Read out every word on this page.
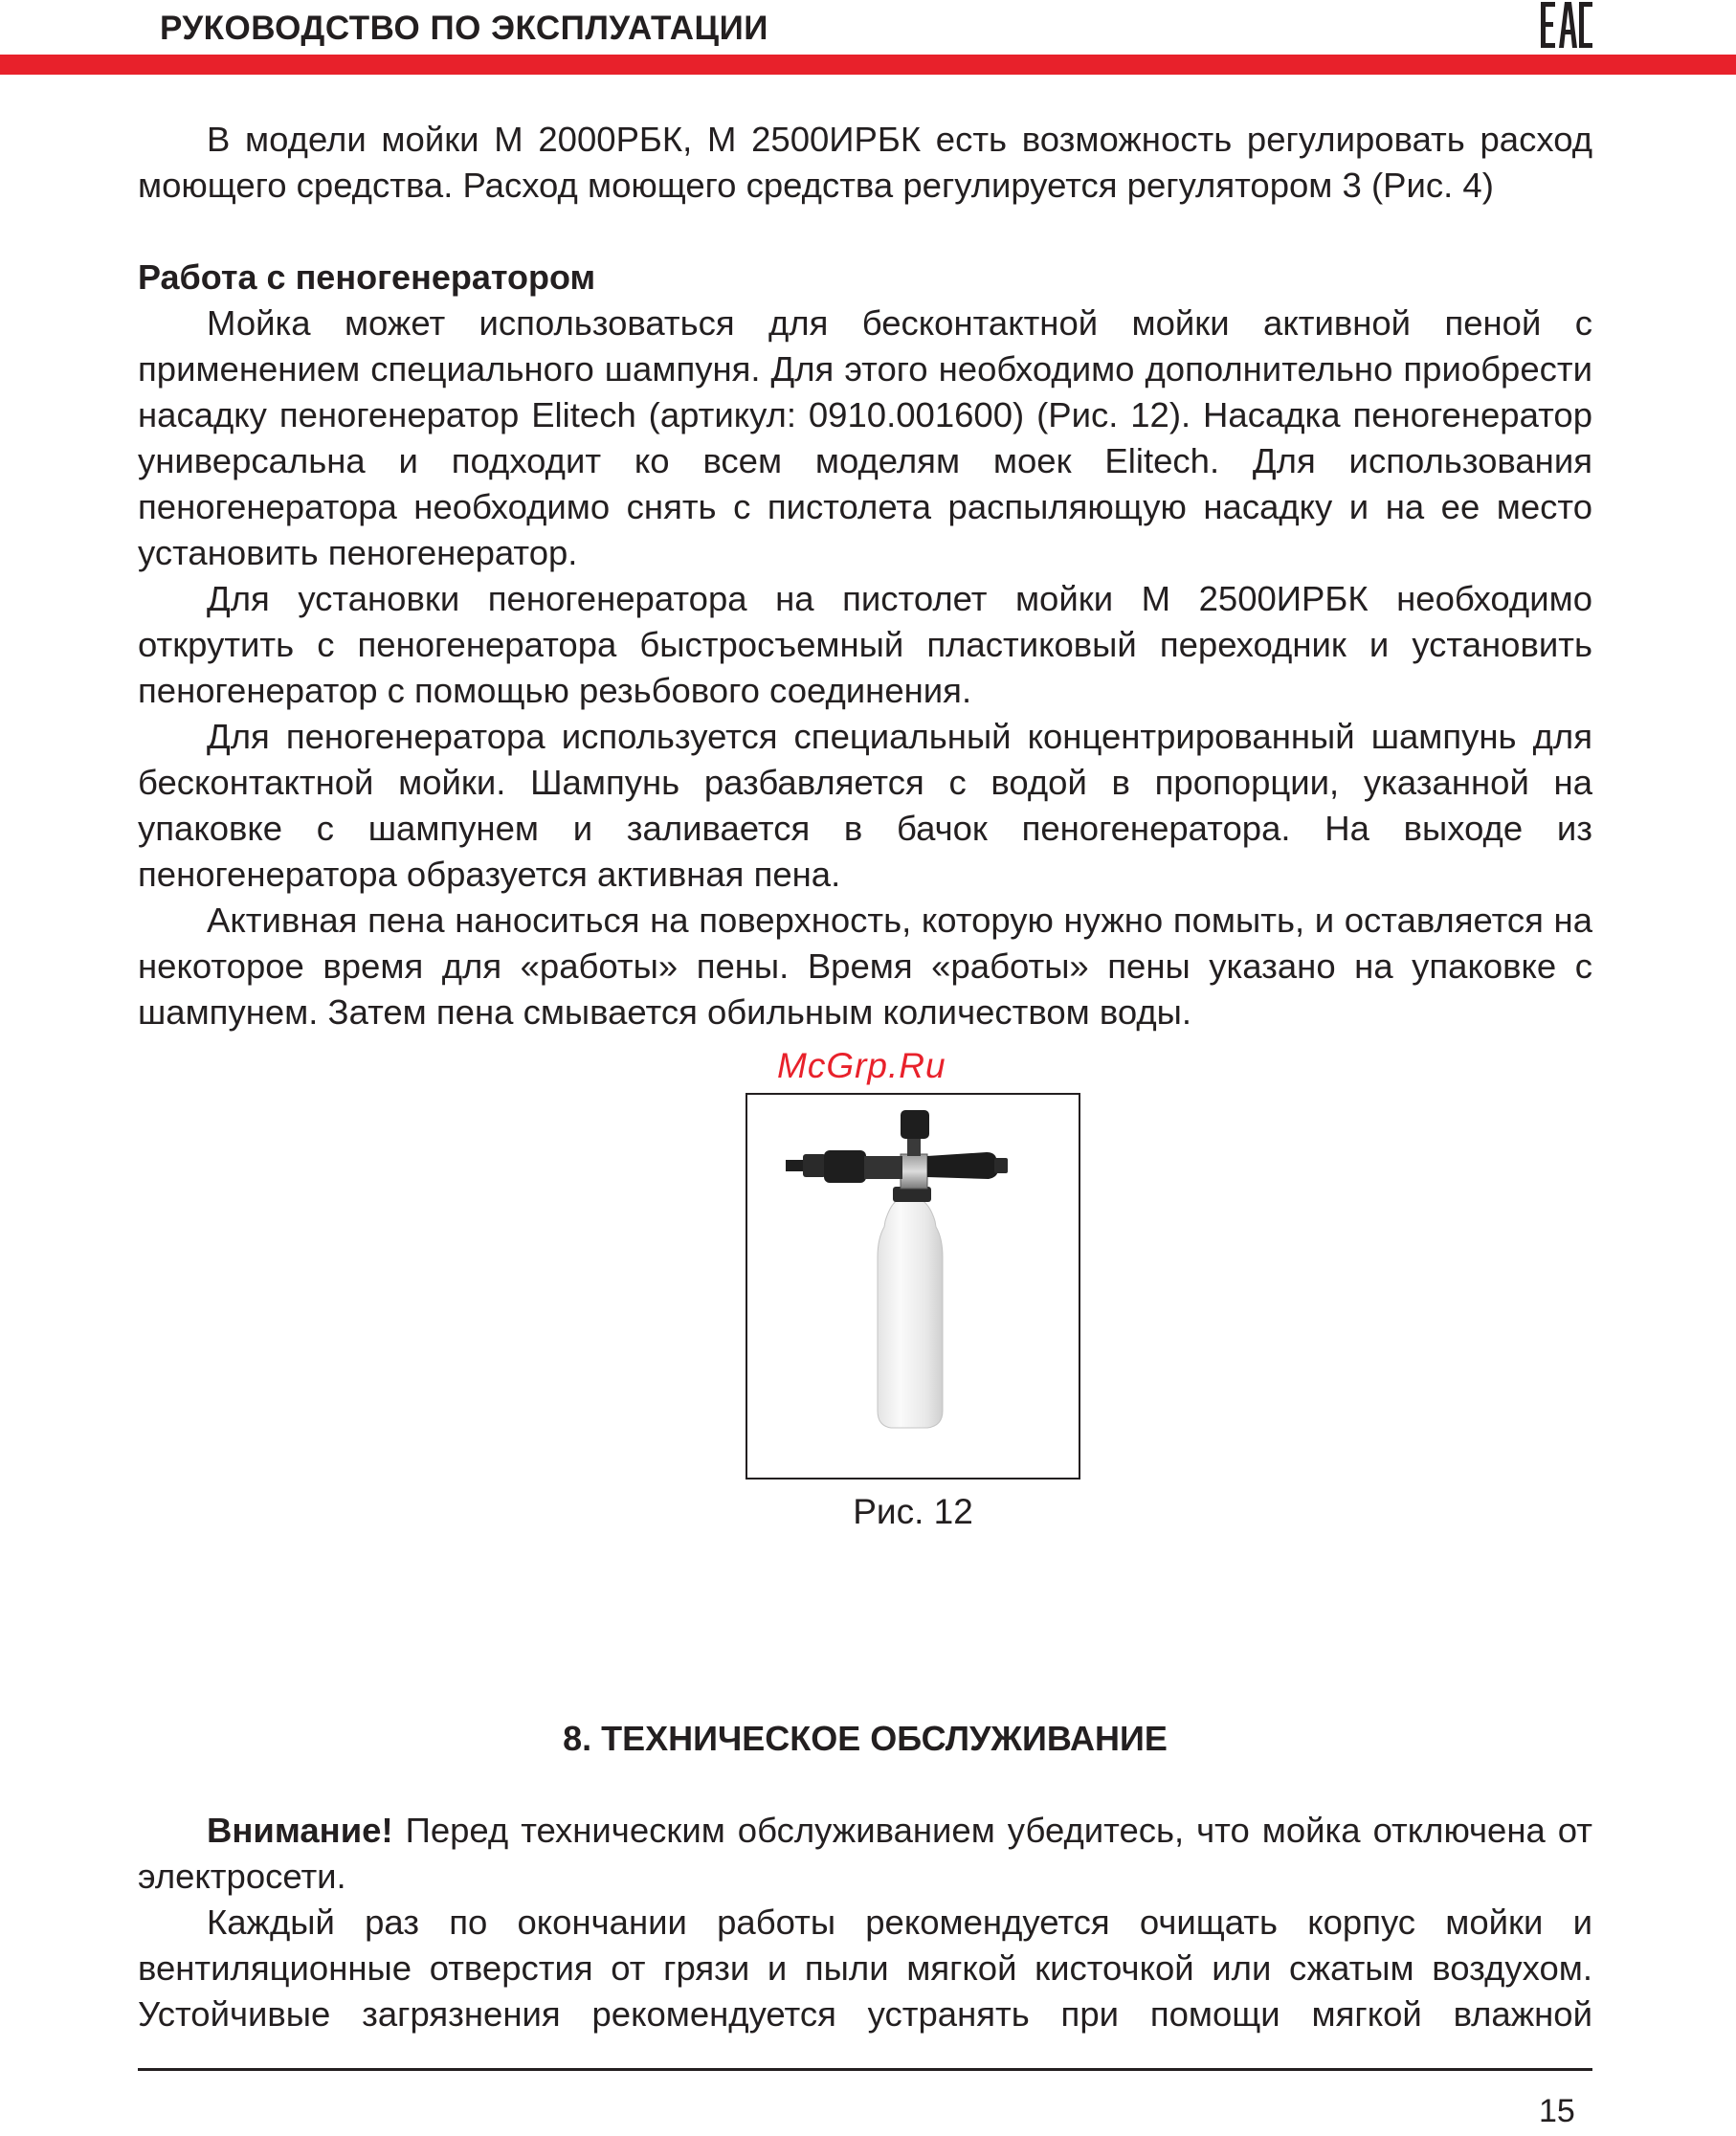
РУКОВОДСТВО ПО ЭКСПЛУАТАЦИИ

В модели мойки М 2000РБК, М 2500ИРБК есть возможность регулировать расход моющего средства. Расход моющего средства регулируется регулятором 3 (Рис. 4)

Работа с пеногенератором

Мойка может использоваться для бесконтактной мойки активной пеной с применением специального шампуня. Для этого необходимо дополнительно приобрести насадку пеногенератор Elitech (артикул: 0910.001600) (Рис. 12). Насадка пеногенератор универсальна и подходит ко всем моделям моек Elitech. Для использования пеногенератора необходимо снять с пистолета распыляющую насадку и на ее место установить пеногенератор.

Для установки пеногенератора на пистолет мойки М 2500ИРБК необходимо открутить с пеногенератора быстросъемный пластиковый переходник и установить пеногенератор с помощью резьбового соединения.

Для пеногенератора используется специальный концентрированный шампунь для бесконтактной мойки. Шампунь разбавляется с водой в пропорции, указанной на упаковке с шампунем и заливается в бачок пеногенератора. На выходе из пеногенератора образуется активная пена.

Активная пена наноситься на поверхность, которую нужно помыть, и оставляется на некоторое время для «работы» пены. Время «работы» пены указано на упаковке с шампунем. Затем пена смывается обильным количеством воды.

McGrp.Ru
Рис. 12
8. ТЕХНИЧЕСКОЕ ОБСЛУЖИВАНИЕ

Внимание! Перед техническим обслуживанием убедитесь, что мойка отключена от электросети.

Каждый раз по окончании работы рекомендуется очищать корпус мойки и вентиляционные отверстия от грязи и пыли мягкой кисточкой или сжатым воздухом. Устойчивые загрязнения рекомендуется устранять при помощи мягкой влажной

15
